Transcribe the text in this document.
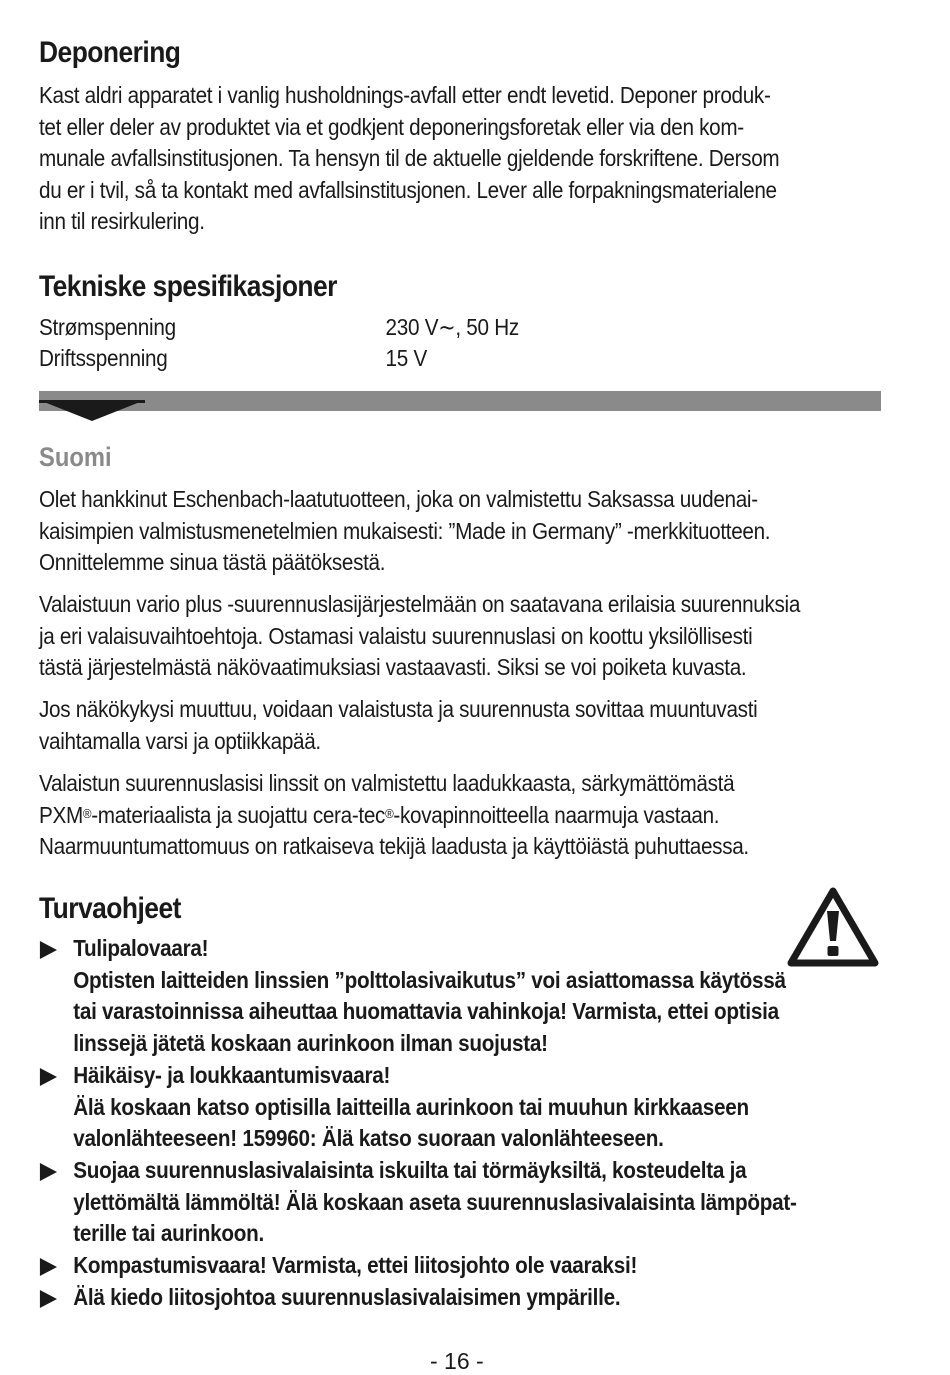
Deponering

Kast aldri apparatet i vanlig husholdnings-avfall etter endt levetid. Deponer produk-
tet eller deler av produktet via et godkjent deponeringsforetak eller via den kom-
munale avfallsinstitusjonen. Ta hensyn til de aktuelle gjeldende forskriftene. Dersom
du er i tvil, så ta kontakt med avfallsinstitusjonen. Lever alle forpakningsmaterialene
inn til resirkulering.

Tekniske spesifikasjoner
Strømspenning	230 V∼, 50 Hz
Driftsspenning	15 V
Suomi

Olet hankkinut Eschenbach-laatutuotteen, joka on valmistettu Saksassa uudenai-
kaisimpien valmistusmenetelmien mukaisesti: ”Made in Germany” -merkkituotteen.
Onnittelemme sinua tästä päätöksestä.

Valaistuun vario plus -suurennuslasijärjestelmään on saatavana erilaisia suurennuksia
ja eri valaisuvaihtoehtoja. Ostamasi valaistu suurennuslasi on koottu yksilöllisesti
tästä järjestelmästä näkövaatimuksiasi vastaavasti. Siksi se voi poiketa kuvasta.

Jos näkökykysi muuttuu, voidaan valaistusta ja suurennusta sovittaa muuntuvasti
vaihtamalla varsi ja optiikkapää.

Valaistun suurennuslasisi linssit on valmistettu laadukkaasta, särkymättömästä
PXM®-materiaalista ja suojattu cera-tec®-kovapinnoitteella naarmuja vastaan.
Naarmuuntumattomuus on ratkaiseva tekijä laadusta ja käyttöiästä puhuttaessa.

Turvaohjeet
Tulipalovaara!
Optisten laitteiden linssien ”polttolasivaikutus” voi asiattomassa käytössä
tai varastoinnissa aiheuttaa huomattavia vahinkoja! Varmista, ettei optisia
linssejä jätetä koskaan aurinkoon ilman suojusta!
Häikäisy- ja loukkaantumisvaara!
Älä koskaan katso optisilla laitteilla aurinkoon tai muuhun kirkkaaseen
valonlähteeseen! 159960: Älä katso suoraan valonlähteeseen.
Suojaa suurennuslasivalaisinta iskuilta tai törmäyksiltä, kosteudelta ja
ylettömältä lämmöltä! Älä koskaan aseta suurennuslasivalaisinta lämpöpat-
terille tai aurinkoon.
Kompastumisvaara! Varmista, ettei liitosjohto ole vaaraksi!
Älä kiedo liitosjohtoa suurennuslasivalaisimen ympärille.
- 16 -
